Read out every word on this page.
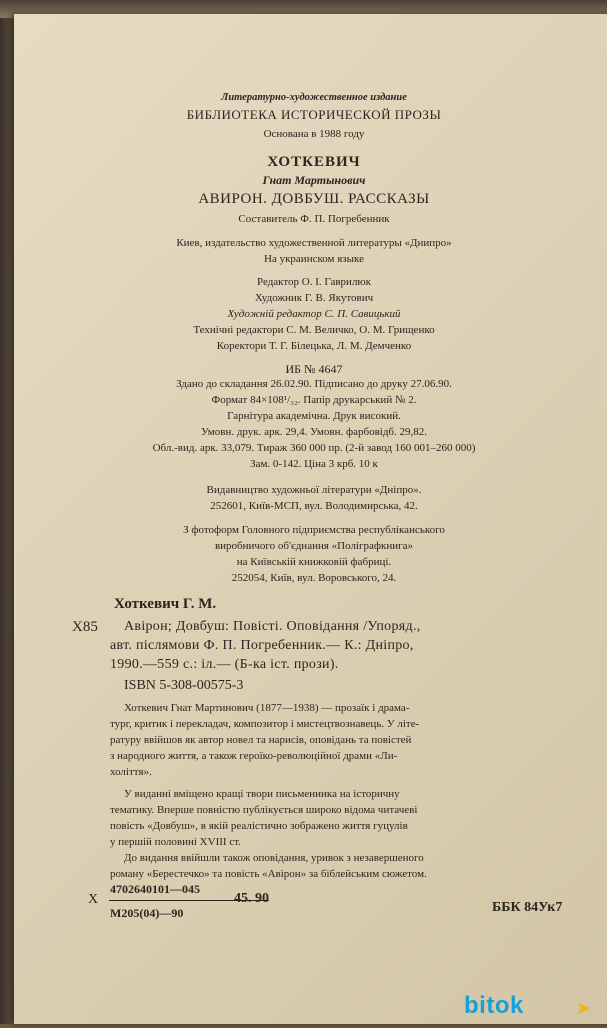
Литературно-художественное издание
БИБЛИОТЕКА ИСТОРИЧЕСКОЙ ПРОЗЫ
Основана в 1988 году
ХОТКЕВИЧ
Гнат Мартынович
АВИРОН. ДОВБУШ. РАССКАЗЫ
Составитель Ф. П. Погребенник
Киев, издательство художественной литературы «Днипро»
На украинском языке
Редактор О. І. Гаврилюк
Художник Г. В. Якутович
Художній редактор С. П. Савицький
Технічні редактори С. М. Величко, О. М. Грищенко
Коректори Т. Г. Білецька, Л. М. Демченко
ИБ № 4647
Здано до складання 26.02.90. Підписано до друку 27.06.90.
Формат 84×108¹/₃₂. Папір друкарський № 2.
Гарнітура академічна. Друк високий.
Умовн. друк. арк. 29,4. Умовн. фарбовідб. 29,82.
Обл.-вид. арк. 33,079. Тираж 360 000 пр. (2-й завод 160 001–260 000)
Зам. 0-142. Ціна 3 крб. 10 к
Видавництво художньої літератури «Дніпро».
252601, Київ-МСП, вул. Володимирська, 42.
З фотоформ Головного підприємства республіканського
виробничого об'єднання «Поліграфкнига»
на Київській книжковій фабриці.
252054, Київ, вул. Воровського, 24.
Хоткевич Г. М.
Х85 Авірон; Довбуш: Повісті. Оповідання /Упоряд.,
авт. післямови Ф. П. Погребенник.— К.: Дніпро,
1990.—559 с.: іл.— (Б-ка іст. прози).
ISBN 5-308-00575-3
Хоткевич Гнат Мартинович (1877—1938) — прозаїк і драма-
тург, критик і перекладач, композитор і мистецтвознавець. У літе-
ратуру ввійшов як автор новел та нарисів, оповідань та повістей
з народного життя, а також героїко-революційної драми «Ли-
холіття».
У виданні вміщено кращі твори письменника на історичну
тематику. Вперше повністю публікується широко відома читачеві
повість «Довбуш», в якій реалістично зображено життя гуцулів
у першій половині XVIII ст.
До видання ввійшли також оповідання, уривок з незавершеного
роману «Берестечко» та повість «Авірон» за біблейським сюжетом.
Х
4702640101—045
М205(04)—90
45. 90
ББК 84Ук7
bitok	➤
